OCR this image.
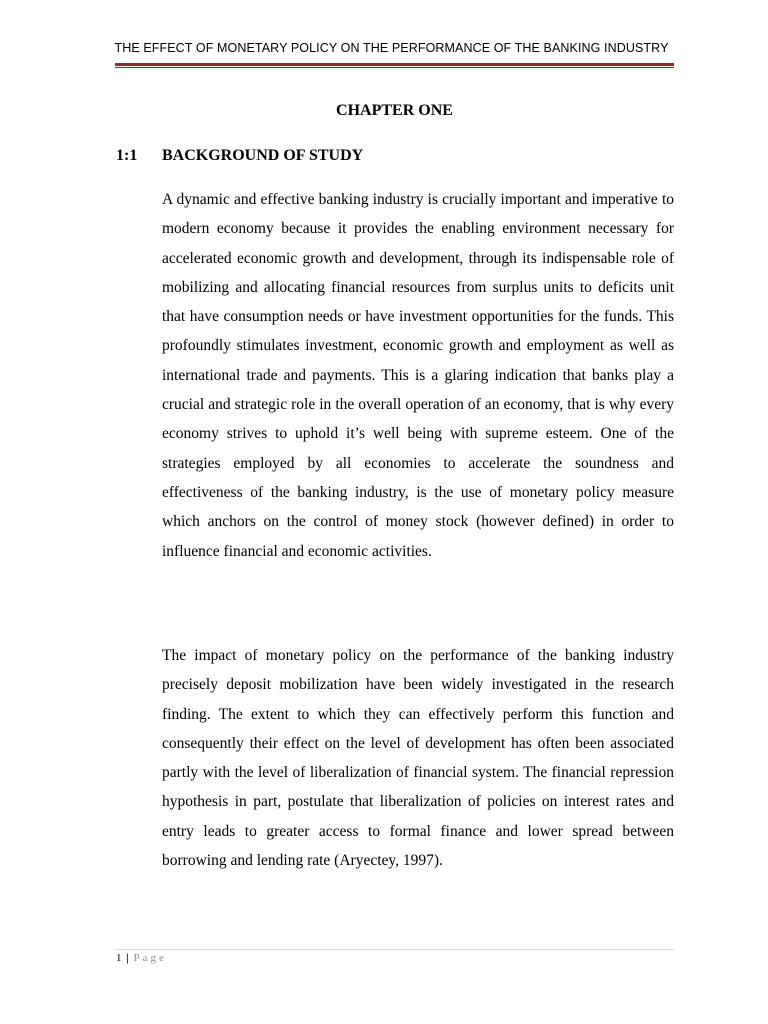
THE EFFECT OF MONETARY POLICY ON THE PERFORMANCE OF THE BANKING INDUSTRY
CHAPTER ONE
1:1 BACKGROUND OF STUDY

A dynamic and effective banking industry is crucially important and imperative to modern economy because it provides the enabling environment necessary for accelerated economic growth and development, through its indispensable role of mobilizing and allocating financial resources from surplus units to deficits unit that have consumption needs or have investment opportunities for the funds. This profoundly stimulates investment, economic growth and employment as well as international trade and payments. This is a glaring indication that banks play a crucial and strategic role in the overall operation of an economy, that is why every economy strives to uphold it’s well being with supreme esteem. One of the strategies employed by all economies to accelerate the soundness and effectiveness of the banking industry, is the use of monetary policy measure which anchors on the control of money stock (however defined) in order to influence financial and economic activities.

The impact of monetary policy on the performance of the banking industry precisely deposit mobilization have been widely investigated in the research finding. The extent to which they can effectively perform this function and consequently their effect on the level of development has often been associated partly with the level of liberalization of financial system. The financial repression hypothesis in part, postulate that liberalization of policies on interest rates and entry leads to greater access to formal finance and lower spread between borrowing and lending rate (Aryectey, 1997).

1 | Page
